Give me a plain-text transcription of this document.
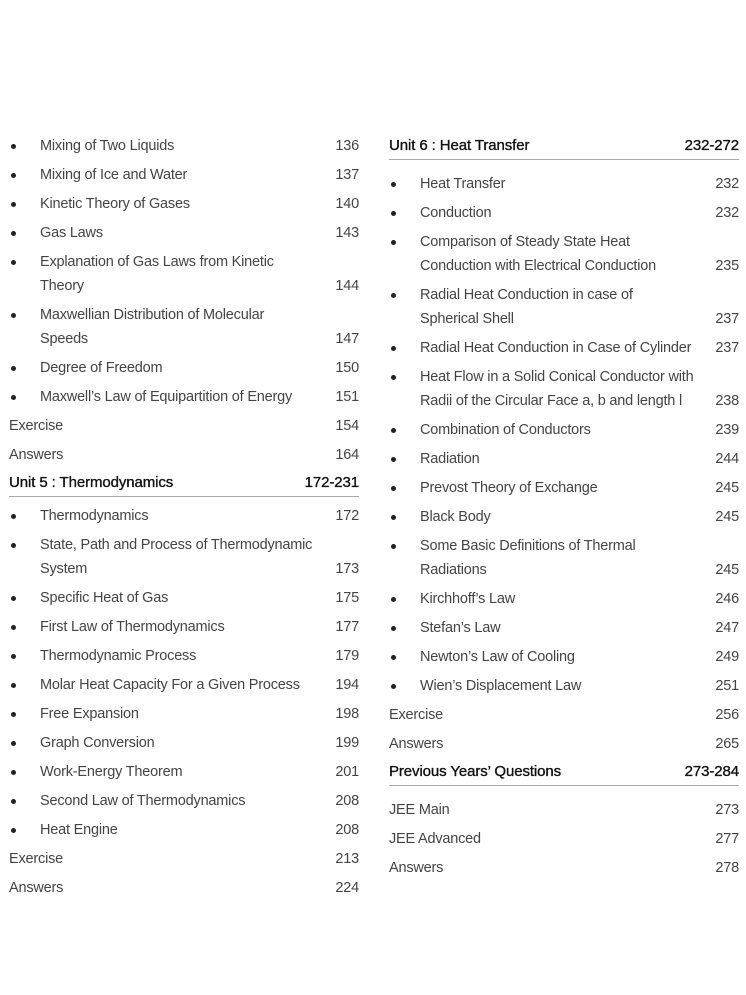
Mixing of Two Liquids	136
Mixing of Ice and Water	137
Kinetic Theory of Gases	140
Gas Laws	143
Explanation of Gas Laws from Kinetic Theory	144
Maxwellian Distribution of Molecular Speeds	147
Degree of Freedom	150
Maxwell’s Law of Equipartition of Energy	151
Exercise	154
Answers	164
Unit 5 : Thermodynamics	172-231
Thermodynamics	172
State, Path and Process of Thermodynamic System	173
Specific Heat of Gas	175
First Law of Thermodynamics	177
Thermodynamic Process	179
Molar Heat Capacity For a Given Process 194
Free Expansion	198
Graph Conversion	199
Work-Energy Theorem	201
Second Law of Thermodynamics	208
Heat Engine	208
Exercise	213
Answers	224
Unit 6 : Heat Transfer	232-272
Heat Transfer	232
Conduction	232
Comparison of Steady State Heat Conduction with Electrical Conduction	235
Radial Heat Conduction in case of Spherical Shell	237
Radial Heat Conduction in Case of Cylinder 237
Heat Flow in a Solid Conical Conductor with Radii of the Circular Face a, b and length l 238
Combination of Conductors	239
Radiation	244
Prevost Theory of Exchange	245
Black Body	245
Some Basic Definitions of Thermal Radiations	245
Kirchhoff’s Law	246
Stefan’s Law	247
Newton’s Law of Cooling	249
Wien’s Displacement Law	251
Exercise	256
Answers	265
Previous Years’ Questions	273-284
JEE Main	273
JEE Advanced	277
Answers	278
